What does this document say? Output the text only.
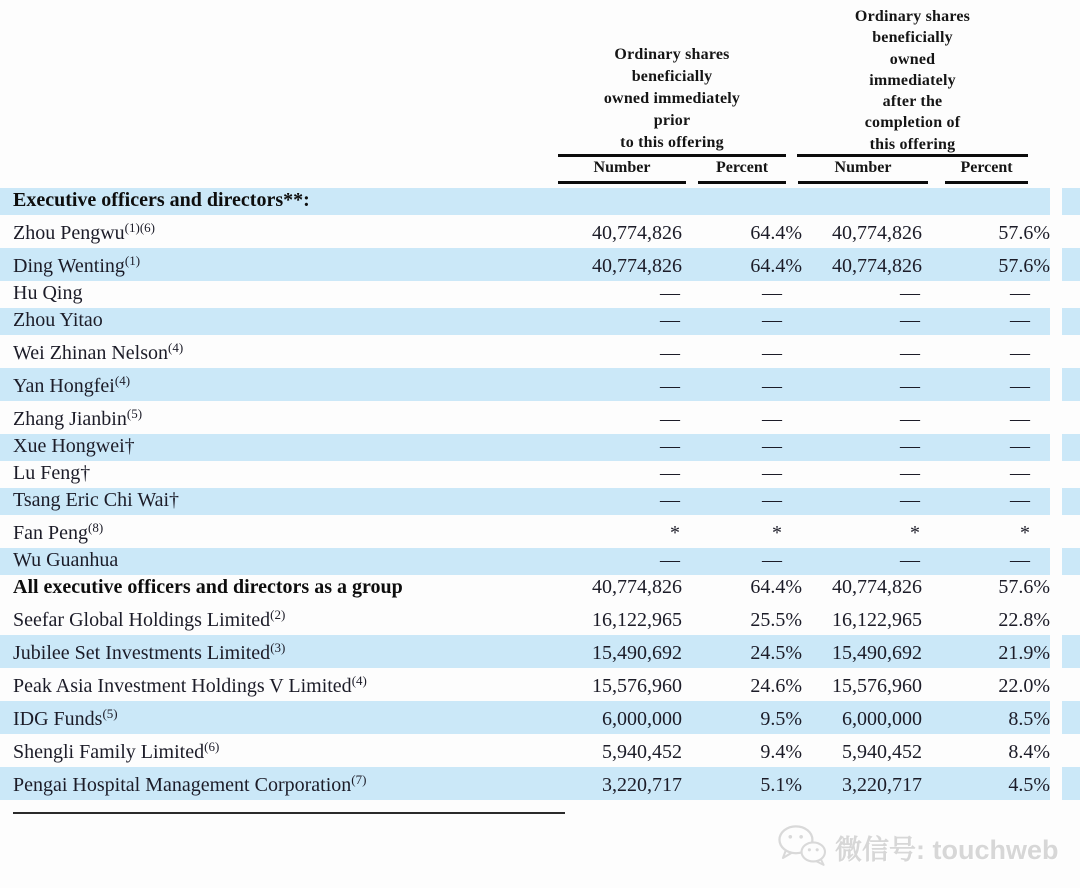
Ordinary shares
beneficially
owned immediately
prior
to this offering
Ordinary shares
beneficially
owned
immediately
after the
completion of
this offering
Number	Percent	Number	Percent
Executive officers and directors**:
Zhou Pengwu$^{(1)(6)}$	40,774,826	64.4%	40,774,826	57.6%
Ding Wenting$^{(1)}$	40,774,826	64.4%	40,774,826	57.6%
Hu Qing	—	—	—	—
Zhou Yitao	—	—	—	—
Wei Zhinan Nelson$^{(4)}$	—	—	—	—
Yan Hongfei$^{(4)}$	—	—	—	—
Zhang Jianbin$^{(5)}$	—	—	—	—
Xue Hongwei†	—	—	—	—
Lu Feng†	—	—	—	—
Tsang Eric Chi Wai†	—	—	—	—
Fan Peng$^{(8)}$	*	*	*	*
Wu Guanhua	—	—	—	—
All executive officers and directors as a group	40,774,826	64.4%	40,774,826	57.6%
Seefar Global Holdings Limited$^{(2)}$	16,122,965	25.5%	16,122,965	22.8%
Jubilee Set Investments Limited$^{(3)}$	15,490,692	24.5%	15,490,692	21.9%
Peak Asia Investment Holdings V Limited$^{(4)}$	15,576,960	24.6%	15,576,960	22.0%
IDG Funds$^{(5)}$	6,000,000	9.5%	6,000,000	8.5%
Shengli Family Limited$^{(6)}$	5,940,452	9.4%	5,940,452	8.4%
Pengai Hospital Management Corporation$^{(7)}$	3,220,717	5.1%	3,220,717	4.5%
微信号: touchweb
